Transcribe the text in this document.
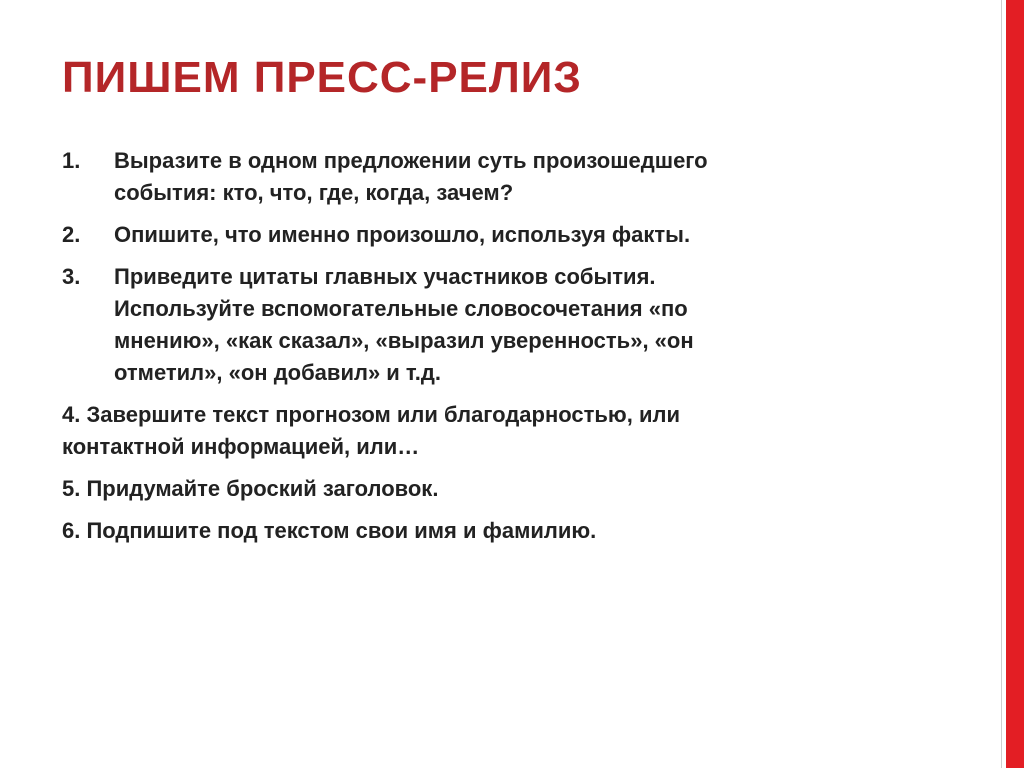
ПИШЕМ ПРЕСС-РЕЛИЗ
1.	Выразите в одном предложении суть произошедшего
события: кто, что, где, когда, зачем?
2.	Опишите, что именно произошло, используя факты.
3.	Приведите цитаты главных участников события.
Используйте вспомогательные словосочетания «по
мнению», «как сказал», «выразил уверенность», «он
отметил», «он добавил» и т.д.
4. Завершите текст прогнозом или благодарностью, или
контактной информацией, или…
5. Придумайте броский заголовок.
6. Подпишите под текстом свои имя и фамилию.
